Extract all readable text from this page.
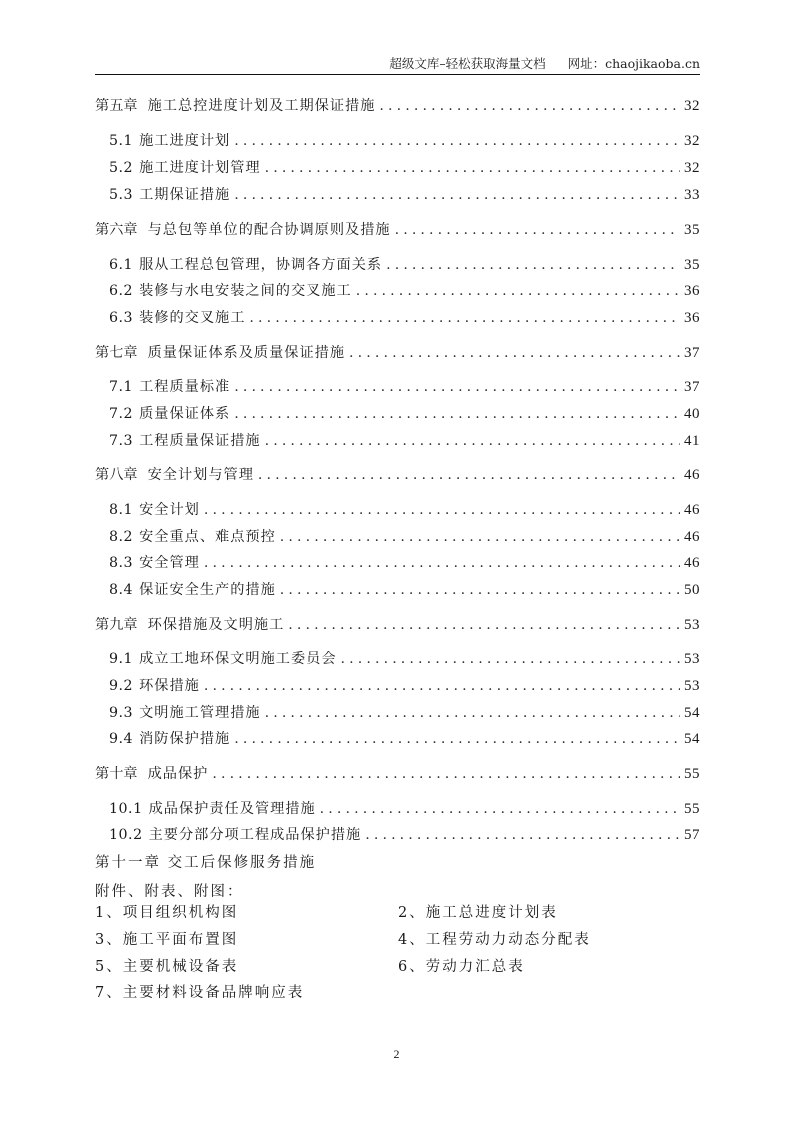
超级文库–轻松获取海量文档 网址：chaojikaoba.cn
第五章 施工总控进度计划及工期保证措施 .....	32
5.1 施工进度计划 .....	32
5.2 施工进度计划管理 .....	32
5.3 工期保证措施 .....	33
第六章 与总包等单位的配合协调原则及措施 .....	35
6.1 服从工程总包管理，协调各方面关系 .....	35
6.2 装修与水电安装之间的交叉施工 .....	36
6.3 装修的交叉施工 .....	36
第七章 质量保证体系及质量保证措施 .....	37
7.1 工程质量标准 .....	37
7.2 质量保证体系 .....	40
7.3 工程质量保证措施 .....	41
第八章 安全计划与管理 .....	46
8.1 安全计划 .....	46
8.2 安全重点、难点预控 .....	46
8.3 安全管理 .....	46
8.4 保证安全生产的措施 .....	50
第九章 环保措施及文明施工 .....	53
9.1 成立工地环保文明施工委员会 .....	53
9.2 环保措施 .....	53
9.3 文明施工管理措施 .....	54
9.4 消防保护措施 .....	54
第十章 成品保护 .....	55
10.1 成品保护责任及管理措施 .....	55
10.2 主要分部分项工程成品保护措施 .....	57
第十一章 交工后保修服务措施
附件、附表、附图：
1、项目组织机构图	2、施工总进度计划表
3、施工平面布置图	4、工程劳动力动态分配表
5、主要机械设备表	6、劳动力汇总表
7、主要材料设备品牌响应表
2
